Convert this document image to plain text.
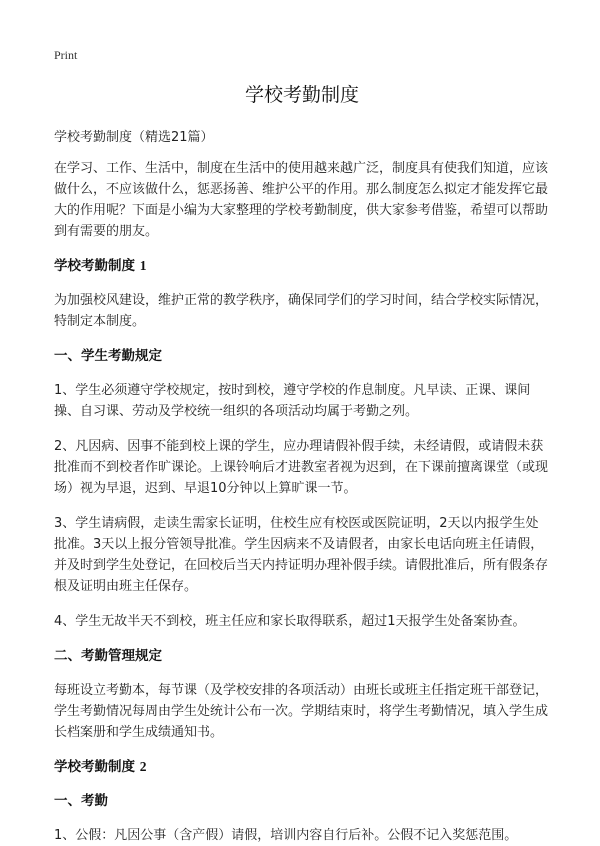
Print
学校考勤制度
学校考勤制度（精选21篇）
在学习、工作、生活中，制度在生活中的使用越来越广泛，制度具有使我们知道，应该做什么，不应该做什么，惩恶扬善、维护公平的作用。那么制度怎么拟定才能发挥它最大的作用呢？下面是小编为大家整理的学校考勤制度，供大家参考借鉴，希望可以帮助到有需要的朋友。
学校考勤制度 1
为加强校风建设，维护正常的教学秩序，确保同学们的学习时间，结合学校实际情况，特制定本制度。
一、学生考勤规定
1、学生必须遵守学校规定，按时到校，遵守学校的作息制度。凡早读、正课、课间操、自习课、劳动及学校统一组织的各项活动均属于考勤之列。
2、凡因病、因事不能到校上课的学生，应办理请假补假手续，未经请假，或请假未获批准而不到校者作旷课论。上课铃响后才进教室者视为迟到，在下课前擅离课堂（或现场）视为早退，迟到、早退10分钟以上算旷课一节。
3、学生请病假，走读生需家长证明，住校生应有校医或医院证明，2天以内报学生处批准。3天以上报分管领导批准。学生因病来不及请假者，由家长电话向班主任请假，并及时到学生处登记，在回校后当天内持证明办理补假手续。请假批准后，所有假条存根及证明由班主任保存。
4、学生无故半天不到校，班主任应和家长取得联系，超过1天报学生处备案协查。
二、考勤管理规定
每班设立考勤本，每节课（及学校安排的各项活动）由班长或班主任指定班干部登记，学生考勤情况每周由学生处统计公布一次。学期结束时，将学生考勤情况，填入学生成长档案册和学生成绩通知书。
学校考勤制度 2
一、考勤
1、公假：凡因公事（含产假）请假，培训内容自行后补。公假不记入奖惩范围。
